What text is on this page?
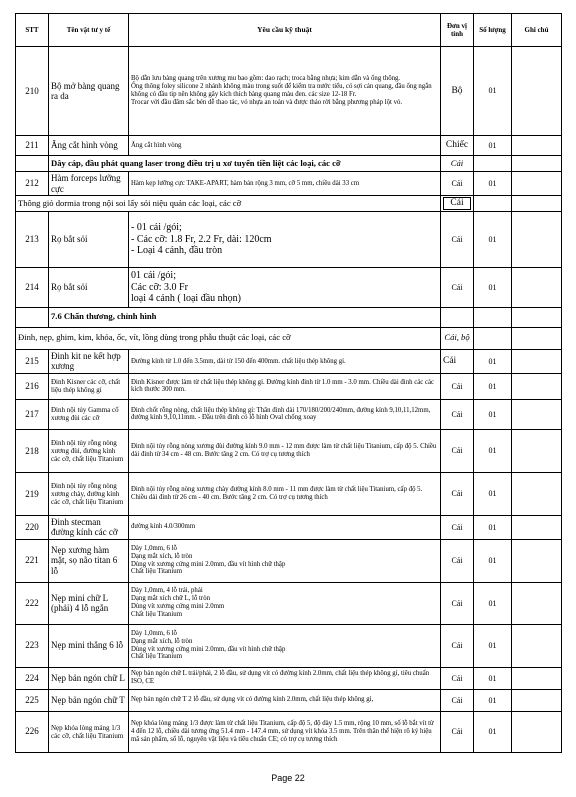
STT	Tên vật tư y tế	Yêu cầu kỹ thuật	Đơn vị tính	Số lượng	Ghi chú
210	Bộ mở bàng quang ra da	Bộ dẫn lưu bàng quang trên xương mu bao gồm: dao rạch; troca bằng nhựa; kim dẫn và ống thông.
Ống thông foley silicone 2 nhánh không màu trong suốt để kiểm tra nước tiểu, có sợi cản quang, đầu ống ngắn không có đầu tip nên không gây kích thích bàng quang màu đen. các size 12-18 Fr.
Trocar với đầu đâm sắc bén dễ thao tác, vỏ nhựa an toàn và được tháo rời bằng phương pháp lột vỏ.	Bộ	01	
211	Ăng cắt hình vòng	Ăng cắt hình vòng	Chiếc	01	
	Dây cáp, đầu phát quang laser trong điều trị u xơ tuyến tiền liệt các loại, các cỡ		Cái		
212	Hàm forceps lưỡng cực	Hàm kẹp lưỡng cực TAKE-APART, hàm bản rộng 3 mm, cỡ 5 mm, chiều dài 33 cm	Cái	01	
Thông giỏ dormia trong nội soi lấy sỏi niệu quản các loại, các cỡ			Cái		

213	Rọ bắt sỏi	- 01 cái /gói;
- Các cỡ: 1.8 Fr, 2.2 Fr, dài: 120cm
- Loại 4 cánh, đầu tròn	Cái	01	
214	Rọ bắt sỏi	01 cái /gói;
Các cỡ: 3.0 Fr
loại 4 cánh ( loại đầu nhọn)	Cái	01	
	7.6 Chấn thương, chỉnh hình				
Đinh, nẹp, ghim, kim, khóa, ốc, vít, lồng dùng trong phẫu thuật các loại, các cỡ			Cái, bộ		
215	Đinh kit ne kết hợp xương	Đường kính từ 1.0 đến 3.5mm, dài từ 150 đến 400mm. chất liệu thép không gỉ.	Cái	01	
216	Đinh Kisner các cỡ, chất liệu thép không gỉ	Đinh Kisner được làm từ chất liệu thép không gỉ. Đường kính đinh từ 1.0 mm - 3.0 mm. Chiều dài đinh các các kích thước 300 mm.	Cái	01	
217	Đinh nội tủy Gamma cổ xương đùi các cỡ	Đinh chốt rỗng nòng, chất liệu thép không gỉ: Thân đinh dài 170/180/200/240mm, đường kính 9,10,11,12mm, đường kính 9,10,11mm. - Đầu trên đinh có lỗ hình Oval chống xoay	Cái	01	
218	Đinh nội tủy rỗng nòng xương đùi, đường kính các cỡ, chất liệu Titanium	Đinh nội tủy rỗng nòng xương đùi đường kính 9.0 mm - 12 mm được làm từ chất liệu Titanium, cấp độ 5. Chiều dài đinh từ 34 cm - 48 cm. Bước tăng 2 cm. Có trợ cụ tương thích	Cái	01	
219	Đinh nội tủy rỗng nòng xương chày, đường kính các cỡ, chất liệu Titanium	Đinh nội tủy rỗng nòng xương chày đường kính 8.0 mm - 11 mm được làm từ chất liệu Titanium, cấp độ 5. Chiều dài đinh từ 26 cm - 40 cm. Bước tăng 2 cm. Có trợ cụ tương thích	Cái	01	
220	Đinh stecman đường kính các cỡ	đường kính 4.0/300mm	Cái	01	
221	Nẹp xương hàm mặt, sọ não titan 6 lỗ	Dày 1,0mm, 6 lỗ
Dạng mắt xích, lỗ tròn
Dùng vít xương cứng mini 2.0mm, đầu vít hình chữ thập
Chất liệu Titanium	Cái	01	
222	Nẹp mini chữ L (phải) 4 lỗ ngắn	Dày 1,0mm, 4 lỗ trái, phải
Dạng mắt xích chữ L, lỗ tròn
Dùng vít xương cứng mini 2.0mm
Chất liệu Titanium	Cái	01	
223	Nẹp mini thẳng 6 lỗ	Dày 1,0mm, 6 lỗ
Dạng mắt xích, lỗ tròn
Dùng vít xương cứng mini 2.0mm, đầu vít hình chữ thập
Chất liệu Titanium	Cái	01	
224	Nẹp bản ngón chữ L	Nẹp bản ngón chữ L trái/phải, 2 lỗ đầu, sử dụng vít có đường kính 2.0mm, chất liệu thép không gỉ, tiêu chuẩn ISO, CE	Cái	01	
225	Nẹp bản ngón chữ T	Nẹp bản ngón chữ T 2 lỗ đầu, sử dụng vít có đường kính 2.0mm, chất liệu thép không gỉ,	Cái	01	
226	Nẹp khóa lòng máng 1/3 các cỡ, chất liệu Titanium	Nẹp khóa lòng máng 1/3 được làm từ chất liệu Titanium, cấp độ 5, độ dày 1.5 mm, rộng 10 mm, số lỗ bắt vít từ 4 đến 12 lỗ, chiều dài tương ứng 51.4 mm - 147.4 mm, sử dụng vít khóa 3.5 mm. Trên thân thể hiện rõ ký hiệu mã sản phẩm, số lỗ, nguyên vật liệu và tiêu chuẩn CE; có trợ cụ tương thích	Cái	01	
Page 22
